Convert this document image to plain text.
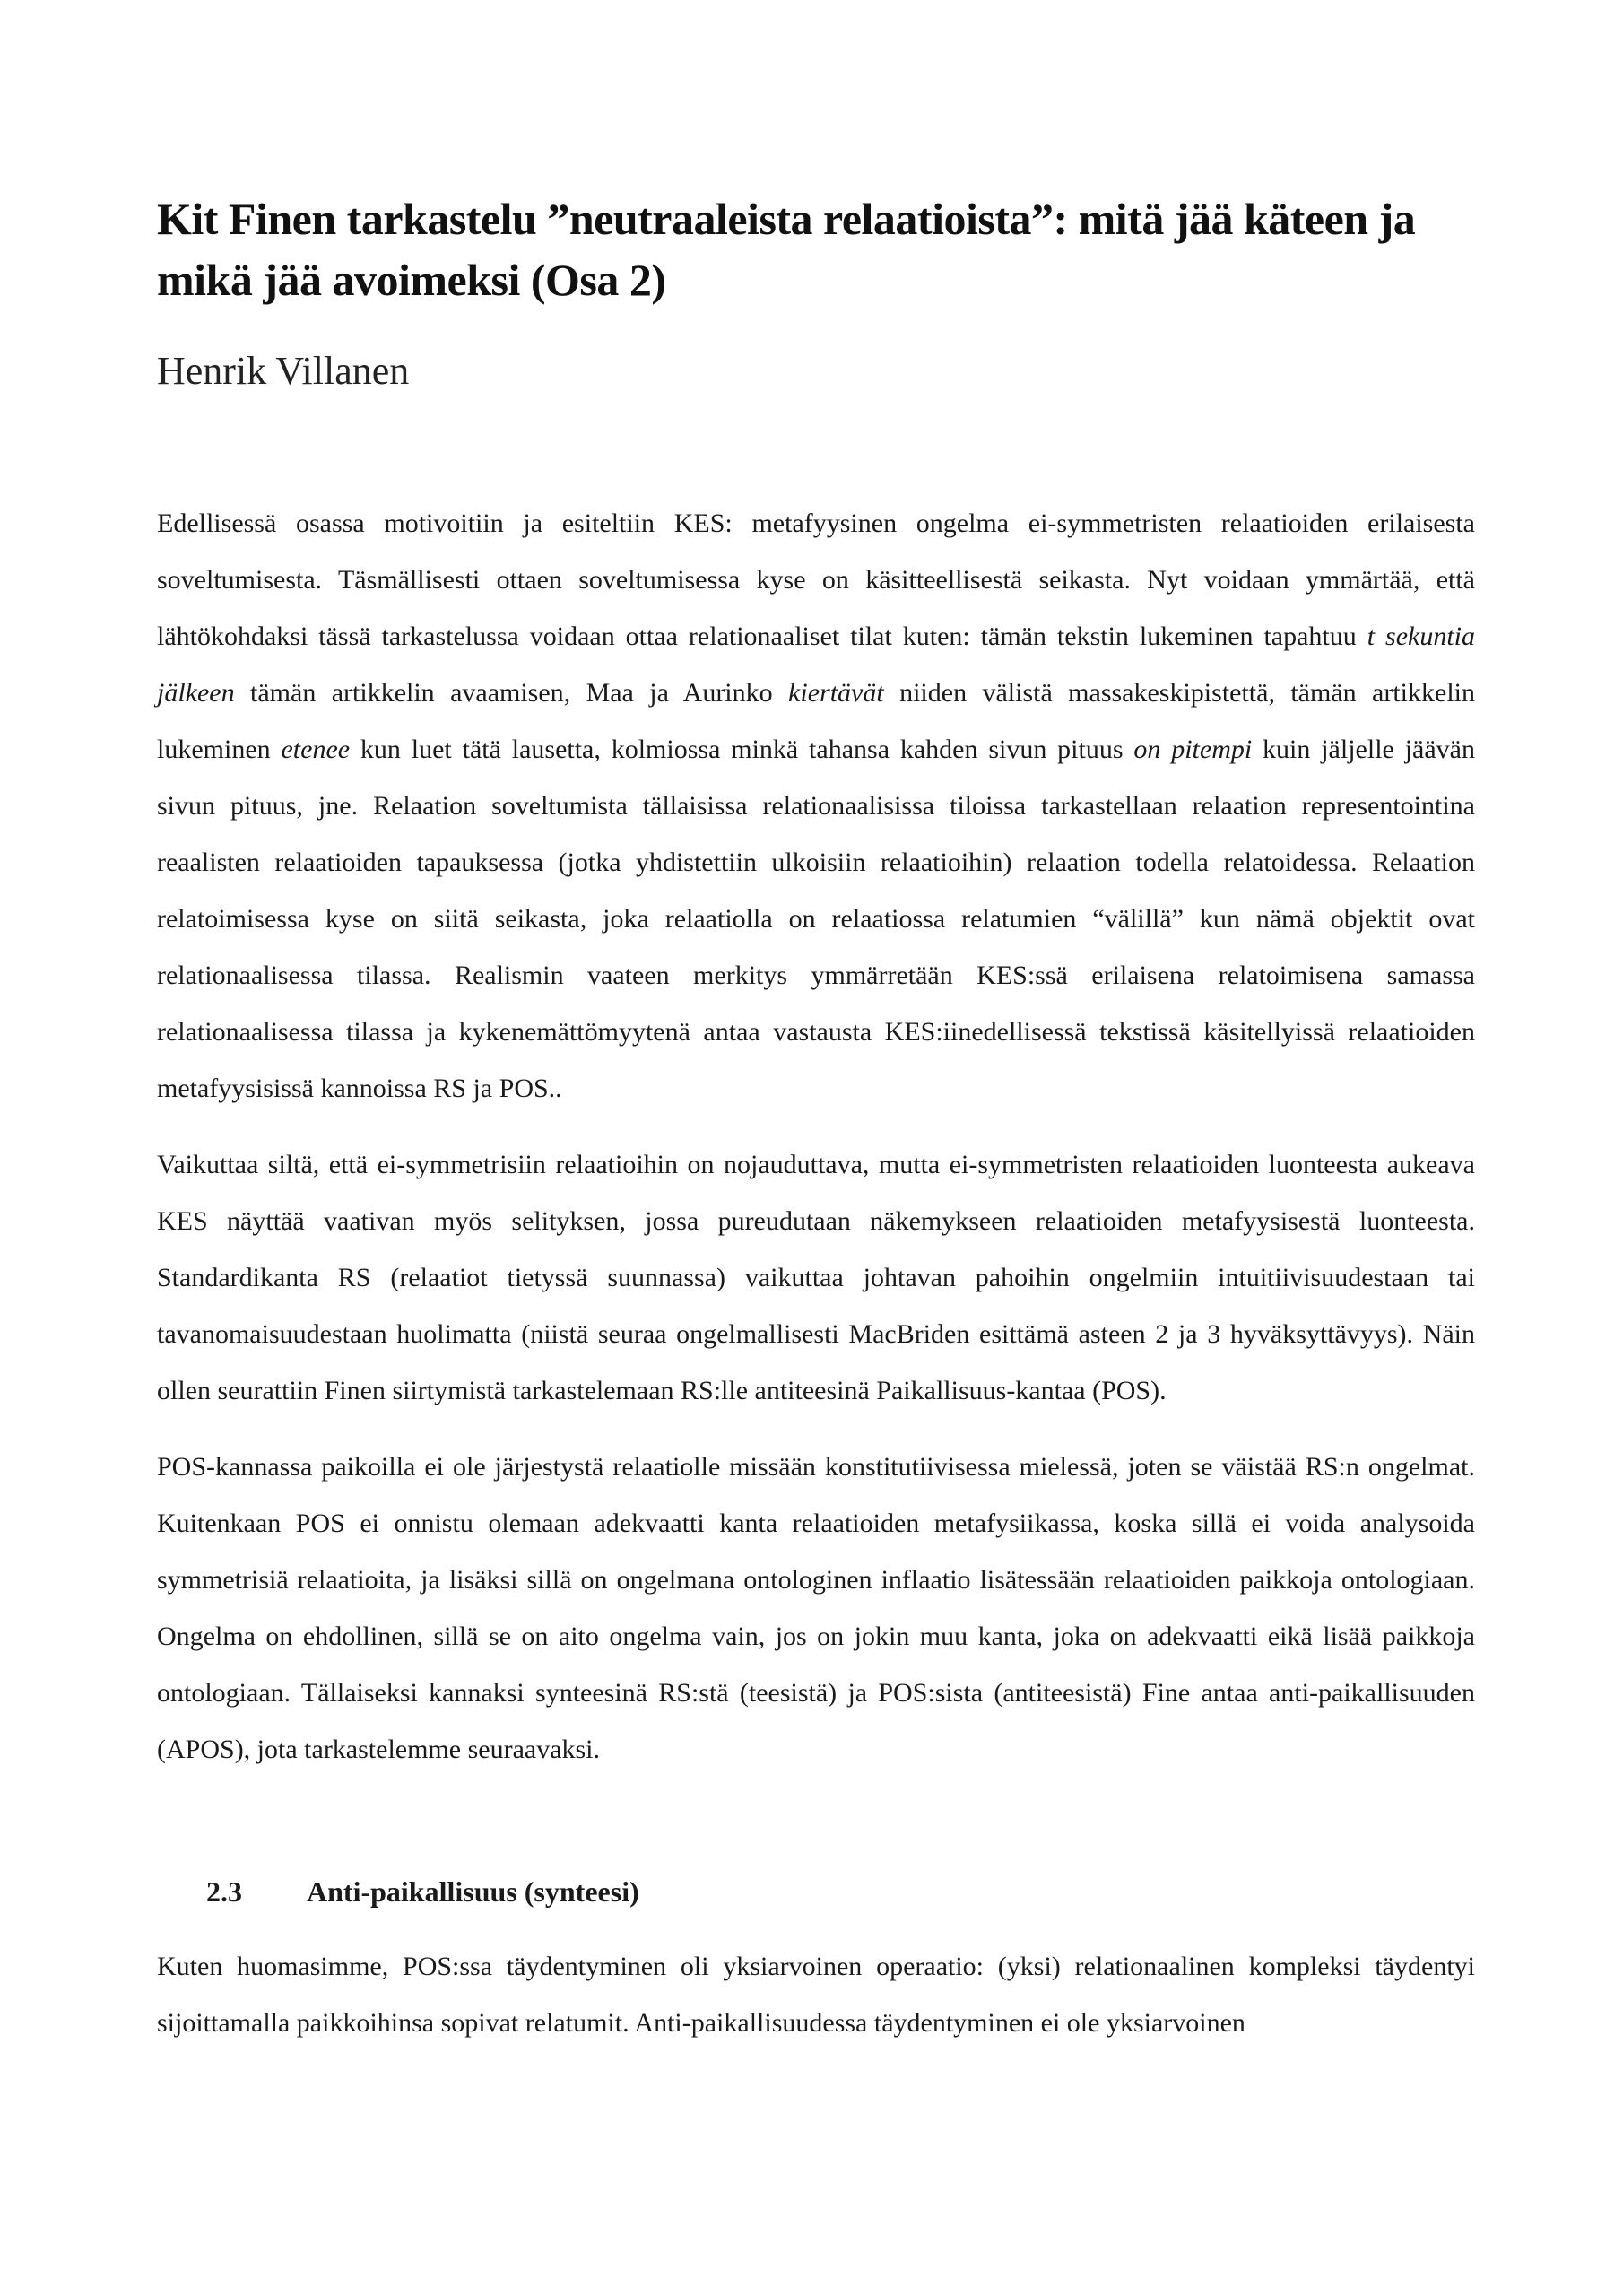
Kit Finen tarkastelu ”neutraaleista relaatioista”: mitä jää käteen ja mikä jää avoimeksi (Osa 2)
Henrik Villanen

Edellisessä osassa motivoitiin ja esiteltiin KES: metafyysinen ongelma ei-symmetristen relaatioiden erilaisesta soveltumisesta. Täsmällisesti ottaen soveltumisessa kyse on käsitteellisestä seikasta. Nyt voidaan ymmärtää, että lähtökohdaksi tässä tarkastelussa voidaan ottaa relationaaliset tilat kuten: tämän tekstin lukeminen tapahtuu t sekuntia jälkeen tämän artikkelin avaamisen, Maa ja Aurinko kiertävät niiden välistä massakeskipistettä, tämän artikkelin lukeminen etenee kun luet tätä lausetta, kolmiossa minkä tahansa kahden sivun pituus on pitempi kuin jäljelle jäävän sivun pituus, jne. Relaation soveltumista tällaisissa relationaalisissa tiloissa tarkastellaan relaation representointina reaalisten relaatioiden tapauksessa (jotka yhdistettiin ulkoisiin relaatioihin) relaation todella relatoidessa. Relaation relatoimisessa kyse on siitä seikasta, joka relaatiolla on relaatiossa relatumien “välillä” kun nämä objektit ovat relationaalisessa tilassa. Realismin vaateen merkitys ymmärretään KES:ssä erilaisena relatoimisena samassa relationaalisessa tilassa ja kykenemättömyytenä antaa vastausta KES:iinedellisessä tekstissä käsitellyissä relaatioiden metafyysisissä kannoissa RS ja POS..

Vaikuttaa siltä, että ei-symmetrisiin relaatioihin on nojauduttava, mutta ei-symmetristen relaatioiden luonteesta aukeava KES näyttää vaativan myös selityksen, jossa pureudutaan näkemykseen relaatioiden metafyysisestä luonteesta. Standardikanta RS (relaatiot tietyssä suunnassa) vaikuttaa johtavan pahoihin ongelmiin intuitiivisuudestaan tai tavanomaisuudestaan huolimatta (niistä seuraa ongelmallisesti MacBriden esittämä asteen 2 ja 3 hyväksyttävyys). Näin ollen seurattiin Finen siirtymistä tarkastelemaan RS:lle antiteesinä Paikallisuus-kantaa (POS).

POS-kannassa paikoilla ei ole järjestystä relaatiolle missään konstitutiivisessa mielessä, joten se väistää RS:n ongelmat. Kuitenkaan POS ei onnistu olemaan adekvaatti kanta relaatioiden metafysiikassa, koska sillä ei voida analysoida symmetrisiä relaatioita, ja lisäksi sillä on ongelmana ontologinen inflaatio lisätessään relaatioiden paikkoja ontologiaan. Ongelma on ehdollinen, sillä se on aito ongelma vain, jos on jokin muu kanta, joka on adekvaatti eikä lisää paikkoja ontologiaan. Tällaiseksi kannaksi synteesinä RS:stä (teesistä) ja POS:sista (antiteesistä) Fine antaa anti-paikallisuuden (APOS), jota tarkastelemme seuraavaksi.

2.3	Anti-paikallisuus (synteesi)

Kuten huomasimme, POS:ssa täydentyminen oli yksiarvoinen operaatio: (yksi) relationaalinen kompleksi täydentyi sijoittamalla paikkoihinsa sopivat relatumit. Anti-paikallisuudessa täydentyminen ei ole yksiarvoinen
